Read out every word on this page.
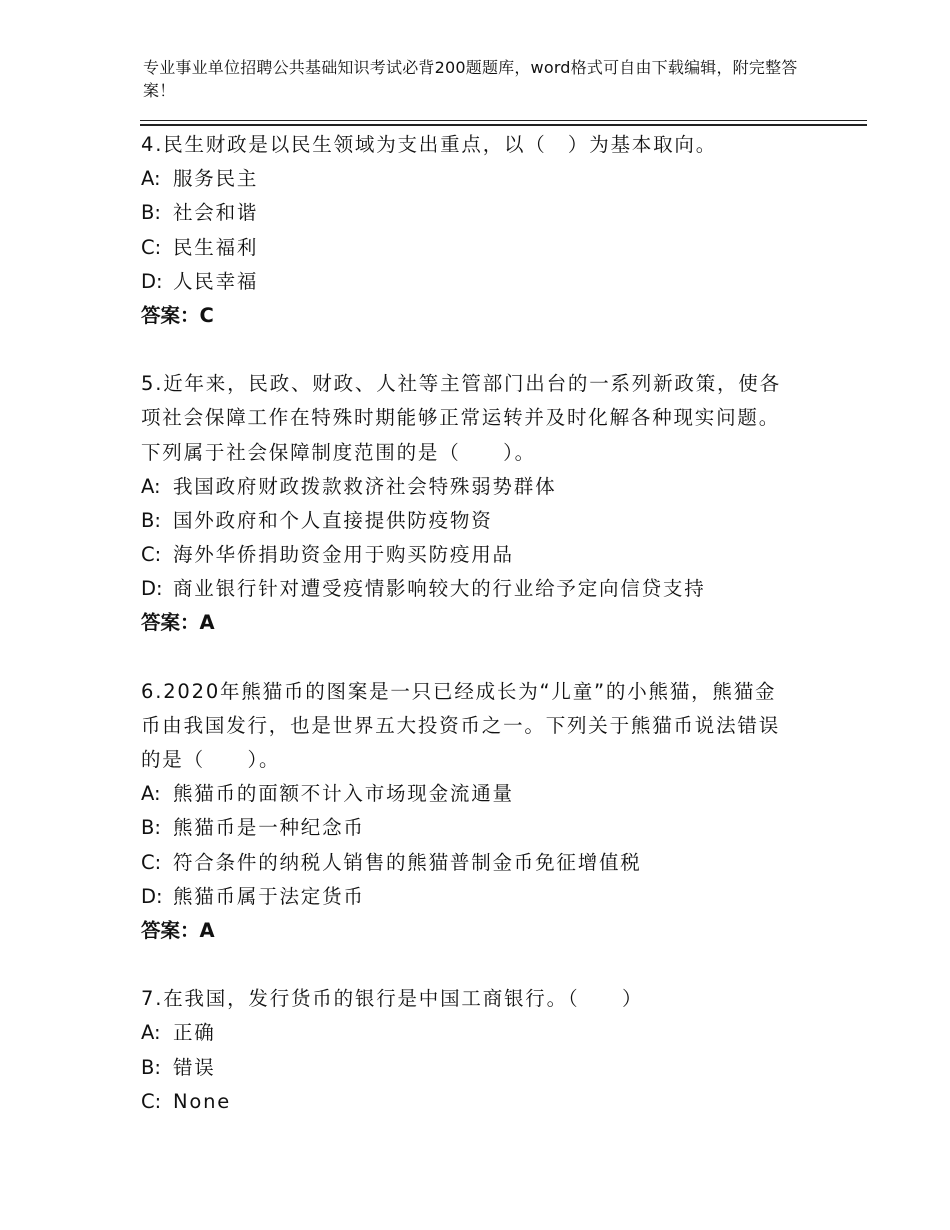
专业事业单位招聘公共基础知识考试必背200题题库，word格式可自由下载编辑，附完整答案！
4.民生财政是以民生领域为支出重点，以（　）为基本取向。
A: 服务民主
B: 社会和谐
C: 民生福利
D: 人民幸福
答案：C
5.近年来，民政、财政、人社等主管部门出台的一系列新政策，使各
项社会保障工作在特殊时期能够正常运转并及时化解各种现实问题。
下列属于社会保障制度范围的是（　　）。
A: 我国政府财政拨款救济社会特殊弱势群体
B: 国外政府和个人直接提供防疫物资
C: 海外华侨捐助资金用于购买防疫用品
D: 商业银行针对遭受疫情影响较大的行业给予定向信贷支持
答案：A
6.2020年熊猫币的图案是一只已经成长为“儿童”的小熊猫，熊猫金
币由我国发行，也是世界五大投资币之一。下列关于熊猫币说法错误
的是（　　）。
A: 熊猫币的面额不计入市场现金流通量
B: 熊猫币是一种纪念币
C: 符合条件的纳税人销售的熊猫普制金币免征增值税
D: 熊猫币属于法定货币
答案：A
7.在我国，发行货币的银行是中国工商银行。（　　）
A: 正确
B: 错误
C: None
